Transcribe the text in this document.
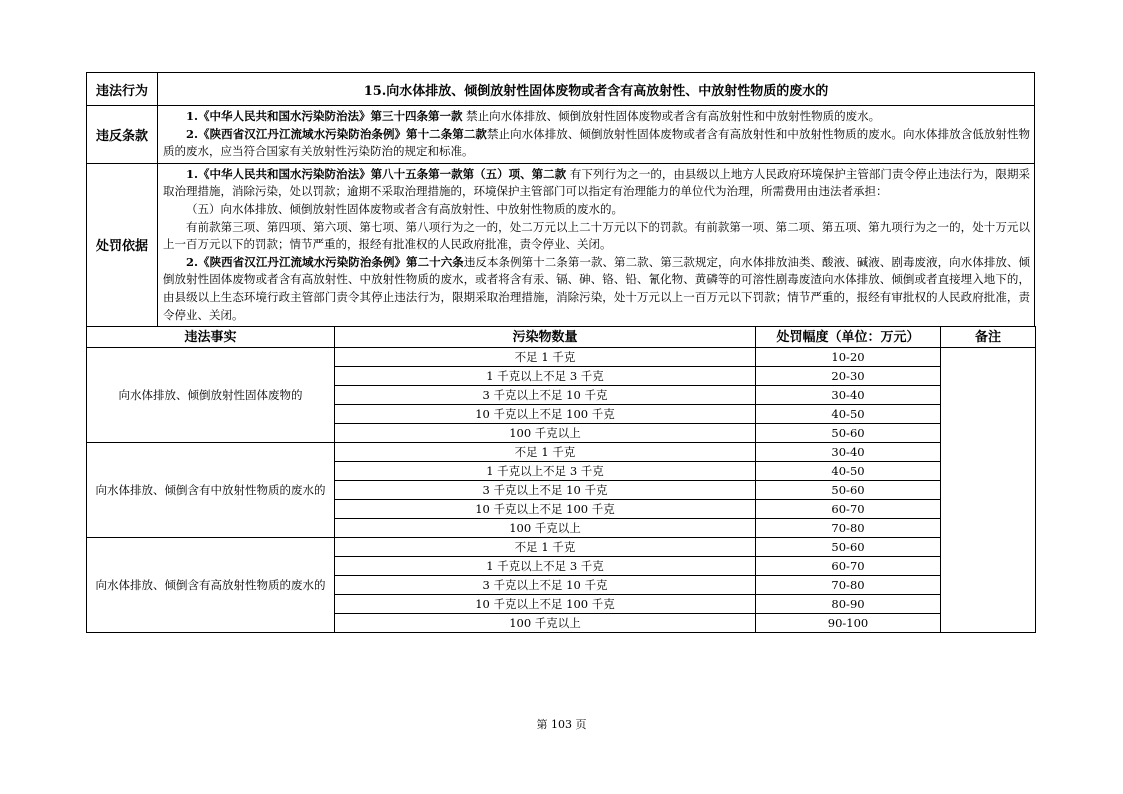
违法行为	15.向水体排放、倾倒放射性固体废物或者含有高放射性、中放射性物质的废水的
违反条款	1.《中华人民共和国水污染防治法》第三十四条第一款 禁止向水体排放、倾倒放射性固体废物或者含有高放射性和中放射性物质的废水。

2.《陕西省汉江丹江流域水污染防治条例》第十二条第二款禁止向水体排放、倾倒放射性固体废物或者含有高放射性和中放射性物质的废水。向水体排放含低放射性物质的废水，应当符合国家有关放射性污染防治的规定和标准。

处罚依据	1.《中华人民共和国水污染防治法》第八十五条第一款第（五）项、第二款 有下列行为之一的，由县级以上地方人民政府环境保护主管部门责令停止违法行为，限期采取治理措施，消除污染，处以罚款；逾期不采取治理措施的，环境保护主管部门可以指定有治理能力的单位代为治理，所需费用由违法者承担：

（五）向水体排放、倾倒放射性固体废物或者含有高放射性、中放射性物质的废水的。

有前款第三项、第四项、第六项、第七项、第八项行为之一的，处二万元以上二十万元以下的罚款。有前款第一项、第二项、第五项、第九项行为之一的，处十万元以上一百万元以下的罚款；情节严重的，报经有批准权的人民政府批准，责令停业、关闭。

2.《陕西省汉江丹江流域水污染防治条例》第二十六条违反本条例第十二条第一款、第二款、第三款规定，向水体排放油类、酸液、碱液、剧毒废液，向水体排放、倾倒放射性固体废物或者含有高放射性、中放射性物质的废水，或者将含有汞、镉、砷、铬、铅、氰化物、黄磷等的可溶性剧毒废渣向水体排放、倾倒或者直接埋入地下的，由县级以上生态环境行政主管部门责令其停止违法行为，限期采取治理措施，消除污染，处十万元以上一百万元以下罚款；情节严重的，报经有审批权的人民政府批准，责令停业、关闭。

违法事实	污染物数量	处罚幅度（单位：万元）	备注
向水体排放、倾倒放射性固体废物的	不足 1 千克	10-20	
	1 千克以上不足 3 千克	20-30	
	3 千克以上不足 10 千克	30-40	
	10 千克以上不足 100 千克	40-50	
	100 千克以上	50-60	
向水体排放、倾倒含有中放射性物质的废水的	不足 1 千克	30-40	
	1 千克以上不足 3 千克	40-50	
	3 千克以上不足 10 千克	50-60	
	10 千克以上不足 100 千克	60-70	
	100 千克以上	70-80	
向水体排放、倾倒含有高放射性物质的废水的	不足 1 千克	50-60	
	1 千克以上不足 3 千克	60-70	
	3 千克以上不足 10 千克	70-80	
	10 千克以上不足 100 千克	80-90	
	100 千克以上	90-100	
第 103 页
